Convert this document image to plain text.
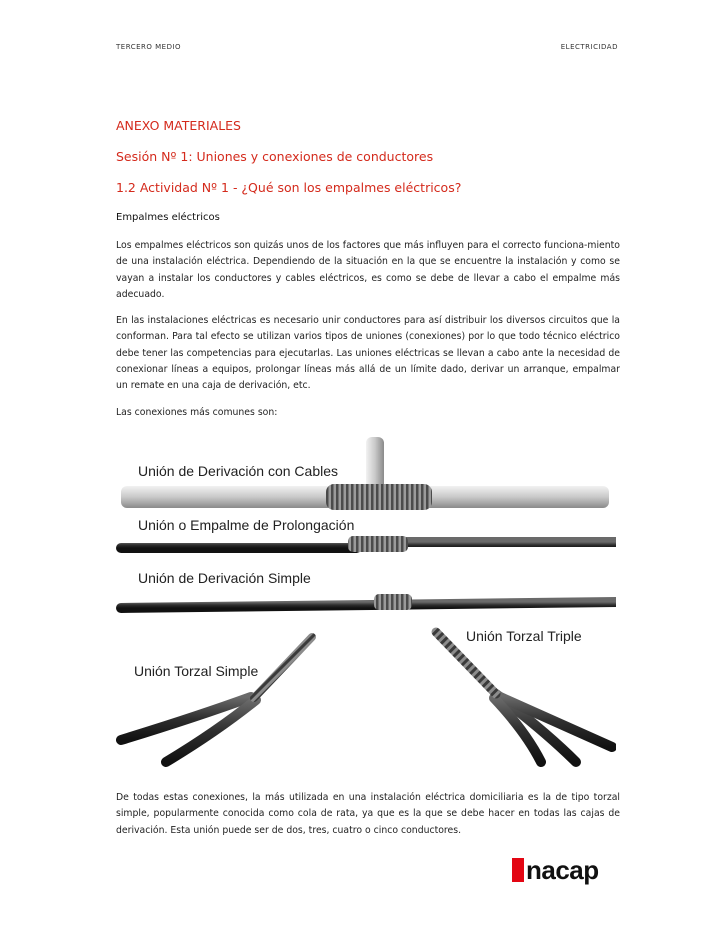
TERCERO MEDIO	ELECTRICIDAD
ANEXO MATERIALES
Sesión Nº 1: Uniones y conexiones de conductores
1.2 Actividad Nº 1 - ¿Qué son los empalmes eléctricos?
Empalmes eléctricos

Los empalmes eléctricos son quizás unos de los factores que más influyen para el correcto funciona-miento de una instalación eléctrica. Dependiendo de la situación en la que se encuentre la instalación y como se vayan a instalar los conductores y cables eléctricos, es como se debe de llevar a cabo el empalme más adecuado.

En las instalaciones eléctricas es necesario unir conductores para así distribuir los diversos circuitos que la conforman. Para tal efecto se utilizan varios tipos de uniones (conexiones) por lo que todo técnico eléctrico debe tener las competencias para ejecutarlas. Las uniones eléctricas se llevan a cabo ante la necesidad de conexionar líneas a equipos, prolongar líneas más allá de un límite dado, derivar un arranque, empalmar un remate en una caja de derivación, etc.

Las conexiones más comunes son:

Unión de Derivación con Cables
Unión o Empalme de Prolongación
Unión de Derivación Simple
Unión Torzal Simple
Unión Torzal Triple

De todas estas conexiones, la más utilizada en una instalación eléctrica domiciliaria es la de tipo torzal simple, popularmente conocida como cola de rata, ya que es la que se debe hacer en todas las cajas de derivación. Esta unión puede ser de dos, tres, cuatro o cinco conductores.

nacap
